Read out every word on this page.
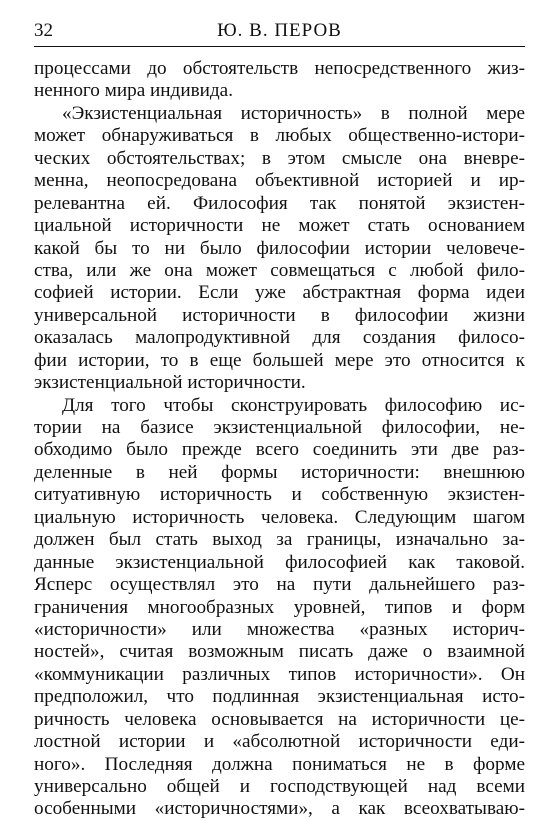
32	Ю. В. ПЕРОВ
процессами до обстоятельств непосредственного жиз-
ненного мира индивида.
«Экзистенциальная историчность» в полной мере
может обнаруживаться в любых общественно-истори-
ческих обстоятельствах; в этом смысле она вневре-
менна, неопосредована объективной историей и ир-
релевантна ей. Философия так понятой экзистен-
циальной историчности не может стать основанием
какой бы то ни было философии истории человече-
ства, или же она может совмещаться с любой фило-
софией истории. Если уже абстрактная форма идеи
универсальной историчности в философии жизни
оказалась малопродуктивной для создания филосо-
фии истории, то в еще большей мере это относится к
экзистенциальной историчности.
Для того чтобы сконструировать философию ис-
тории на базисе экзистенциальной философии, не-
обходимо было прежде всего соединить эти две раз-
деленные в ней формы историчности: внешнюю
ситуативную историчность и собственную экзистен-
циальную историчность человека. Следующим шагом
должен был стать выход за границы, изначально за-
данные экзистенциальной философией как таковой.
Ясперс осуществлял это на пути дальнейшего раз-
граничения многообразных уровней, типов и форм
«историчности» или множества «разных историч-
ностей», считая возможным писать даже о взаимной
«коммуникации различных типов историчности». Он
предположил, что подлинная экзистенциальная исто-
ричность человека основывается на историчности це-
лостной истории и «абсолютной историчности еди-
ного». Последняя должна пониматься не в форме
универсально общей и господствующей над всеми
особенными «историчностями», а как всеохватываю-
